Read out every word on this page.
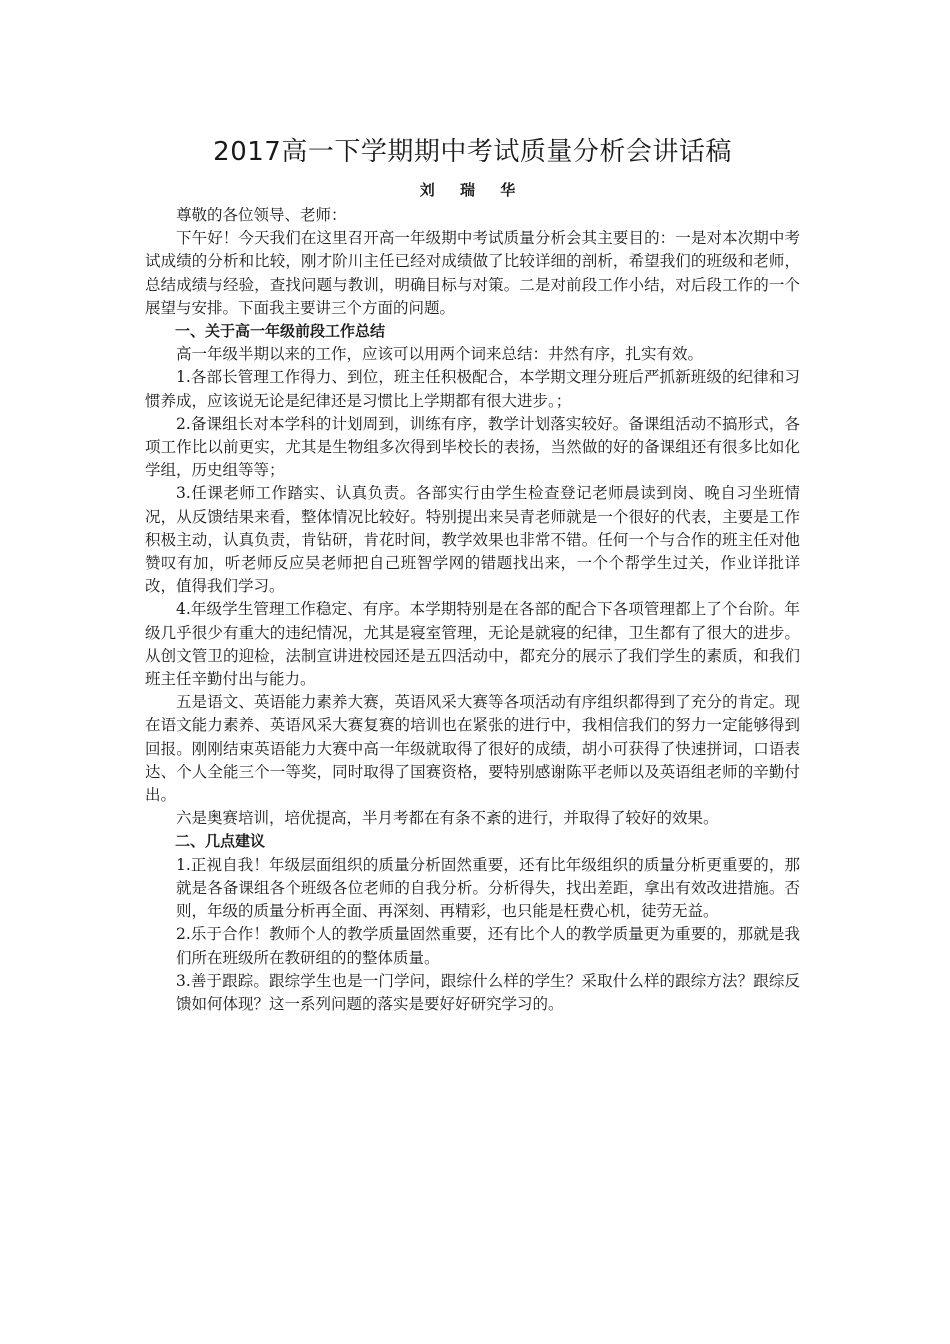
2017高一下学期期中考试质量分析会讲话稿
刘 瑞 华

尊敬的各位领导、老师：

下午好！今天我们在这里召开高一年级期中考试质量分析会其主要目的：一是对本次期中考试成绩的分析和比较，刚才阶川主任已经对成绩做了比较详细的剖析，希望我们的班级和老师，总结成绩与经验，查找问题与教训，明确目标与对策。二是对前段工作小结，对后段工作的一个展望与安排。下面我主要讲三个方面的问题。

一、关于高一年级前段工作总结

高一年级半期以来的工作，应该可以用两个词来总结：井然有序，扎实有效。

1.各部长管理工作得力、到位，班主任积极配合，本学期文理分班后严抓新班级的纪律和习惯养成，应该说无论是纪律还是习惯比上学期都有很大进步。；

2.备课组长对本学科的计划周到，训练有序，教学计划落实较好。备课组活动不搞形式，各项工作比以前更实，尤其是生物组多次得到毕校长的表扬，当然做的好的备课组还有很多比如化学组，历史组等等；

3.任课老师工作踏实、认真负责。各部实行由学生检查登记老师晨读到岗、晚自习坐班情况，从反馈结果来看，整体情况比较好。特别提出来吴青老师就是一个很好的代表，主要是工作积极主动，认真负责，肯钻研，肯花时间，教学效果也非常不错。任何一个与合作的班主任对他赞叹有加，听老师反应吴老师把自己班智学网的错题找出来，一个个帮学生过关，作业详批详改，值得我们学习。

4.年级学生管理工作稳定、有序。本学期特别是在各部的配合下各项管理都上了个台阶。年级几乎很少有重大的违纪情况，尤其是寝室管理，无论是就寝的纪律，卫生都有了很大的进步。从创文管卫的迎检，法制宣讲进校园还是五四活动中，都充分的展示了我们学生的素质，和我们班主任辛勤付出与能力。

五是语文、英语能力素养大赛，英语风采大赛等各项活动有序组织都得到了充分的肯定。现在语文能力素养、英语风采大赛复赛的培训也在紧张的进行中，我相信我们的努力一定能够得到回报。刚刚结束英语能力大赛中高一年级就取得了很好的成绩，胡小可获得了快速拼词，口语表达、个人全能三个一等奖，同时取得了国赛资格，要特别感谢陈平老师以及英语组老师的辛勤付出。

六是奥赛培训，培优提高，半月考都在有条不紊的进行，并取得了较好的效果。

二、几点建议

1.正视自我！年级层面组织的质量分析固然重要，还有比年级组织的质量分析更重要的，那就是各备课组各个班级各位老师的自我分析。分析得失，找出差距，拿出有效改进措施。否则，年级的质量分析再全面、再深刻、再精彩，也只能是枉费心机，徒劳无益。

2.乐于合作！教师个人的教学质量固然重要，还有比个人的教学质量更为重要的，那就是我们所在班级所在教研组的的整体质量。

3.善于跟踪。跟综学生也是一门学问，跟综什么样的学生？采取什么样的跟综方法？跟综反馈如何体现？这一系列问题的落实是要好好研究学习的。
